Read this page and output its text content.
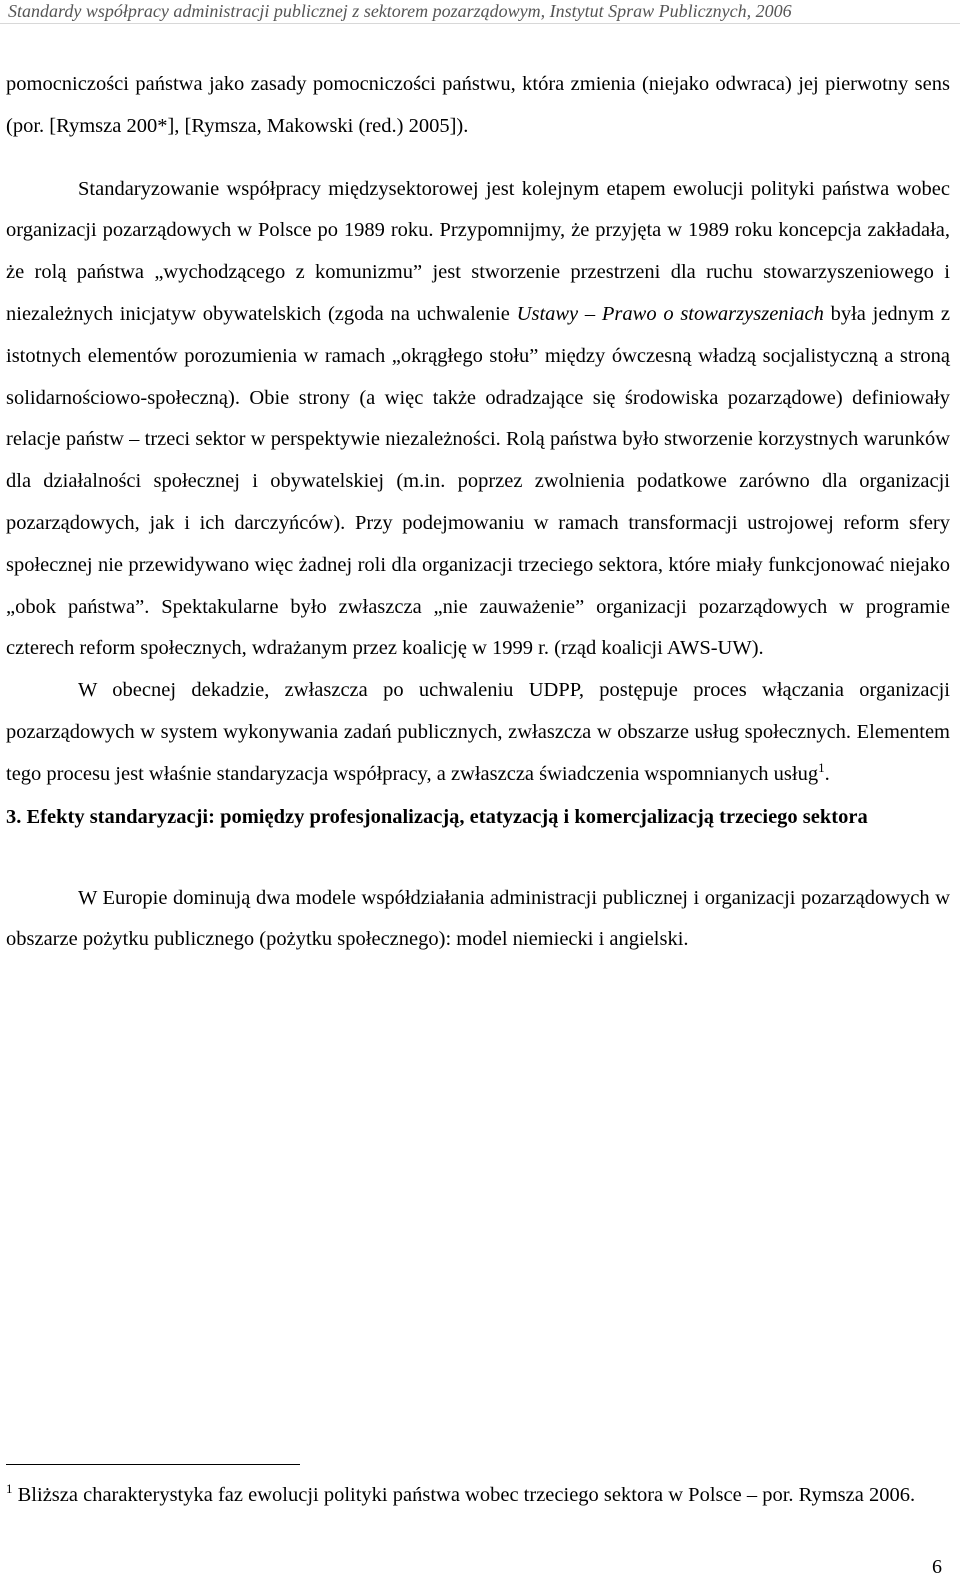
Standardy współpracy administracji publicznej z sektorem pozarządowym, Instytut Spraw Publicznych, 2006

pomocniczości państwa jako zasady pomocniczości państwu, która zmienia (niejako odwraca) jej pierwotny sens (por. [Rymsza 200*], [Rymsza, Makowski (red.) 2005]).

Standaryzowanie współpracy międzysektorowej jest kolejnym etapem ewolucji polityki państwa wobec organizacji pozarządowych w Polsce po 1989 roku. Przypomnijmy, że przyjęta w 1989 roku koncepcja zakładała, że rolą państwa „wychodzącego z komunizmu” jest stworzenie przestrzeni dla ruchu stowarzyszeniowego i niezależnych inicjatyw obywatelskich (zgoda na uchwalenie Ustawy – Prawo o stowarzyszeniach była jednym z istotnych elementów porozumienia w ramach „okrągłego stołu” między ówczesną władzą socjalistyczną a stroną solidarnościowo-społeczną). Obie strony (a więc także odradzające się środowiska pozarządowe) definiowały relacje państw – trzeci sektor w perspektywie niezależności. Rolą państwa było stworzenie korzystnych warunków dla działalności społecznej i obywatelskiej (m.in. poprzez zwolnienia podatkowe zarówno dla organizacji pozarządowych, jak i ich darczyńców). Przy podejmowaniu w ramach transformacji ustrojowej reform sfery społecznej nie przewidywano więc żadnej roli dla organizacji trzeciego sektora, które miały funkcjonować niejako „obok państwa”. Spektakularne było zwłaszcza „nie zauważenie” organizacji pozarządowych w programie czterech reform społecznych, wdrażanym przez koalicję w 1999 r. (rząd koalicji AWS-UW).

W obecnej dekadzie, zwłaszcza po uchwaleniu UDPP, postępuje proces włączania organizacji pozarządowych w system wykonywania zadań publicznych, zwłaszcza w obszarze usług społecznych. Elementem tego procesu jest właśnie standaryzacja współpracy, a zwłaszcza świadczenia wspomnianych usług$^1$.

3. Efekty standaryzacji: pomiędzy profesjonalizacją, etatyzacją i komercjalizacją trzeciego sektora

W Europie dominują dwa modele współdziałania administracji publicznej i organizacji pozarządowych w obszarze pożytku publicznego (pożytku społecznego): model niemiecki i angielski.

$^1$ Bliższa charakterystyka faz ewolucji polityki państwa wobec trzeciego sektora w Polsce – por. Rymsza 2006.

6
